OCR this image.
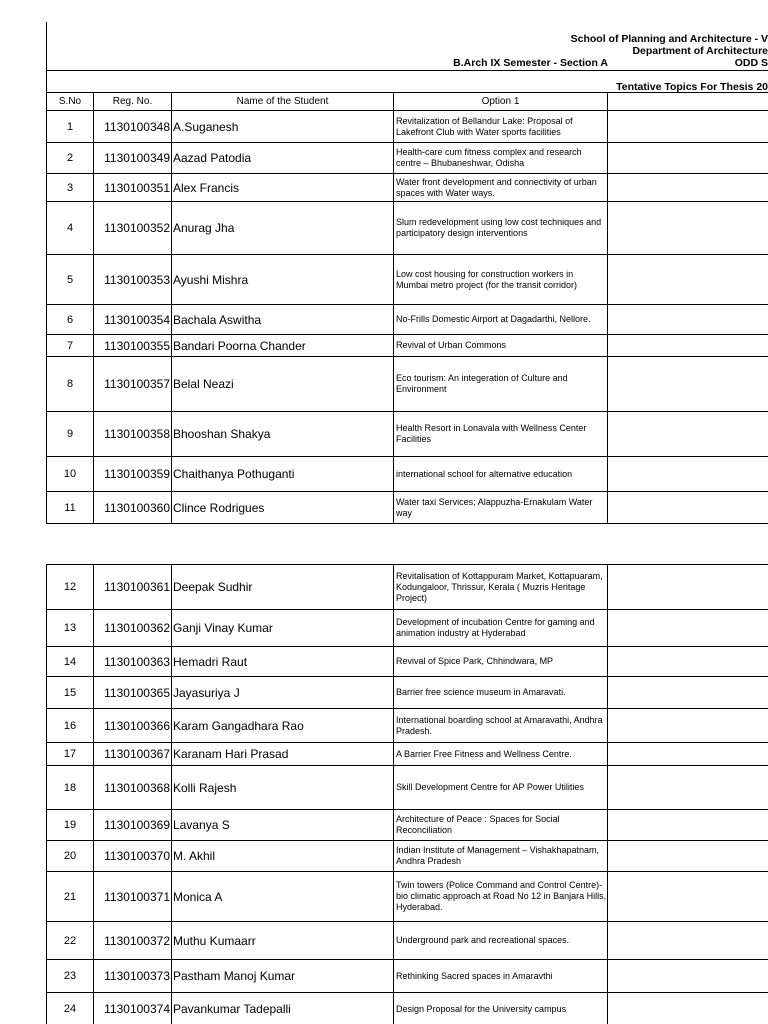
School of Planning and Architecture - V
Department of Architecture
B.Arch IX Semester - Section A	ODD S
Tentative Topics For Thesis 20
S.No	Reg. No.	Name of the Student	Option 1	
1	1130100348	A.Suganesh	Revitalization of Bellandur Lake: Proposal of Lakefront Club with Water sports facilities	
2	1130100349	Aazad Patodia	Health-care cum fitness complex and research centre – Bhubaneshwar, Odisha	
3	1130100351	Alex Francis	Water front development and connectivity of urban spaces with Water ways.	
4	1130100352	Anurag Jha	Slum redevelopment using low cost techniques and participatory design interventions	
5	1130100353	Ayushi Mishra	Low cost housing for construction workers in Mumbai metro project (for the transit corridor)	
6	1130100354	Bachala Aswitha	No-Frills Domestic Airport at Dagadarthi, Nellore.	
7	1130100355	Bandari Poorna Chander	Revival of Urban Commons	
8	1130100357	Belal Neazi	Eco tourism: An integeration of Culture and Environment	
9	1130100358	Bhooshan Shakya	Health Resort in Lonavala with Wellness Center Facilities	
10	1130100359	Chaithanya Pothuganti	international school for alternative education	
11	1130100360	Clince Rodrigues	Water taxi Services; Alappuzha-Ernakulam Water way	
12	1130100361	Deepak Sudhir	Revitalisation of Kottappuram Market, Kottapuaram, Kodungaloor, Thrissur, Kerala ( Muzris Heritage Project)	
13	1130100362	Ganji Vinay Kumar	Development of incubation Centre for gaming and animation industry at Hyderabad	
14	1130100363	Hemadri Raut	Revival of Spice Park, Chhindwara, MP	
15	1130100365	Jayasuriya J	Barrier free science museum in Amaravati.	
16	1130100366	Karam Gangadhara Rao	International boarding school at Amaravathi, Andhra Pradesh.	
17	1130100367	Karanam Hari Prasad	A Barrier Free Fitness and Wellness Centre.	
18	1130100368	Kolli Rajesh	Skill Development Centre for AP Power Utilities	
19	1130100369	Lavanya S	Architecture of Peace : Spaces for Social Reconciliation	
20	1130100370	M. Akhil	Indian Institute of Management – Vishakhapatnam, Andhra Pradesh	
21	1130100371	Monica A	Twin towers (Police Command and Control Centre)-bio climatic approach at Road No 12 in Banjara Hills, Hyderabad.	
22	1130100372	Muthu Kumaarr	Underground park and recreational spaces.	
23	1130100373	Pastham Manoj Kumar	Rethinking Sacred spaces in Amaravthi	
24	1130100374	Pavankumar Tadepalli	Design Proposal for the University campus	
